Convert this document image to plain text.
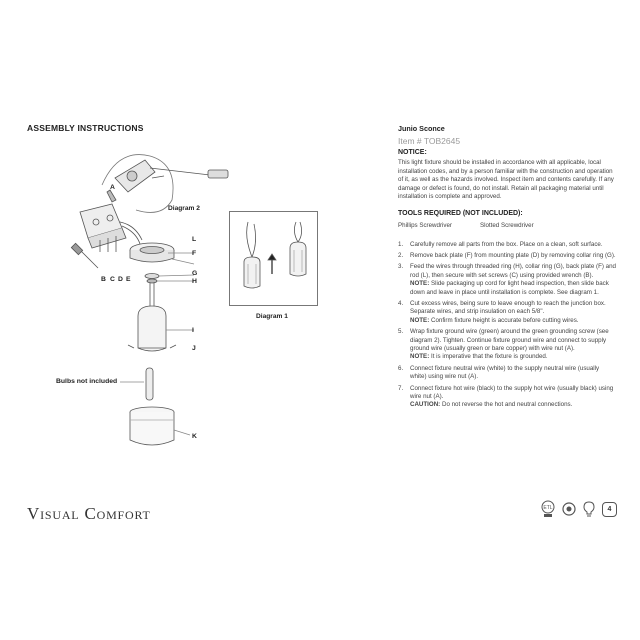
ASSEMBLY INSTRUCTIONS
A
Diagram 2
B C D E
L
F
G
H
I
J
Bulbs not included
K
Diagram 1
Junio Sconce
Item # TOB2645
NOTICE:
This light fixture should be installed in accordance with all applicable, local installation codes, and by a person familiar with the construction and operation of it, as well as the hazards involved. Inspect item and contents carefully. If any damage or defect is found, do not install. Retain all packaging material until installation is complete and approved.
TOOLS REQUIRED (NOT INCLUDED):
Phillips Screwdriver	Slotted Screwdriver
1. Carefully remove all parts from the box. Place on a clean, soft surface.
2. Remove back plate (F) from mounting plate (D) by removing collar ring (G).
3. Feed the wires through threaded ring (H), collar ring (G), back plate (F) and rod (L), then secure with set screws (C) using provided wrench (B).
NOTE: Slide packaging up cord for light head inspection, then slide back down and leave in place until installation is complete. See diagram 1.
4. Cut excess wires, being sure to leave enough to reach the junction box. Separate wires, and strip insulation on each 5/8".
NOTE: Confirm fixture height is accurate before cutting wires.
5. Wrap fixture ground wire (green) around the green grounding screw (see diagram 2). Tighten. Continue fixture ground wire and connect to supply ground wire (usually green or bare copper) with wire nut (A).
NOTE: It is imperative that the fixture is grounded.
6. Connect fixture neutral wire (white) to the supply neutral wire (usually white) using wire nut (A).
7. Connect fixture hot wire (black) to the supply hot wire (usually black) using wire nut (A).
CAUTION: Do not reverse the hot and neutral connections.
Visual Comfort	ETL	4
